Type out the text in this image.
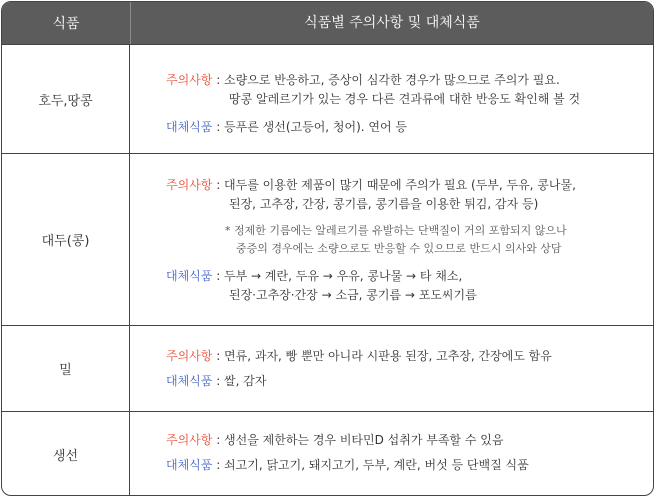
식품	식품별 주의사항 및 대체식품
호두,땅콩
주의사항 : 소량으로 반응하고, 증상이 심각한 경우가 많으므로 주의가 필요.
땅콩 알레르기가 있는 경우 다른 견과류에 대한 반응도 확인해 볼 것
대체식품 : 등푸른 생선(고등어, 청어). 연어 등
대두(콩)
주의사항 : 대두를 이용한 제품이 많기 때문에 주의가 필요 (두부, 두유, 콩나물,
된장, 고추장, 간장, 콩기름, 콩기름을 이용한 튀김, 감자 등)
* 정제한 기름에는 알레르기를 유발하는 단백질이 거의 포함되지 않으나
중증의 경우에는 소량으로도 반응할 수 있으므로 반드시 의사와 상담
대체식품 : 두부 → 계란, 두유 → 우유, 콩나물 → 타 채소,
된장·고추장·간장 → 소금, 콩기름 → 포도씨기름
밀
주의사항 : 면류, 과자, 빵 뿐만 아니라 시판용 된장, 고추장, 간장에도 함유
대체식품 : 쌀, 감자
생선
주의사항 : 생선을 제한하는 경우 비타민D 섭취가 부족할 수 있음
대체식품 : 쇠고기, 닭고기, 돼지고기, 두부, 계란, 버섯 등 단백질 식품
